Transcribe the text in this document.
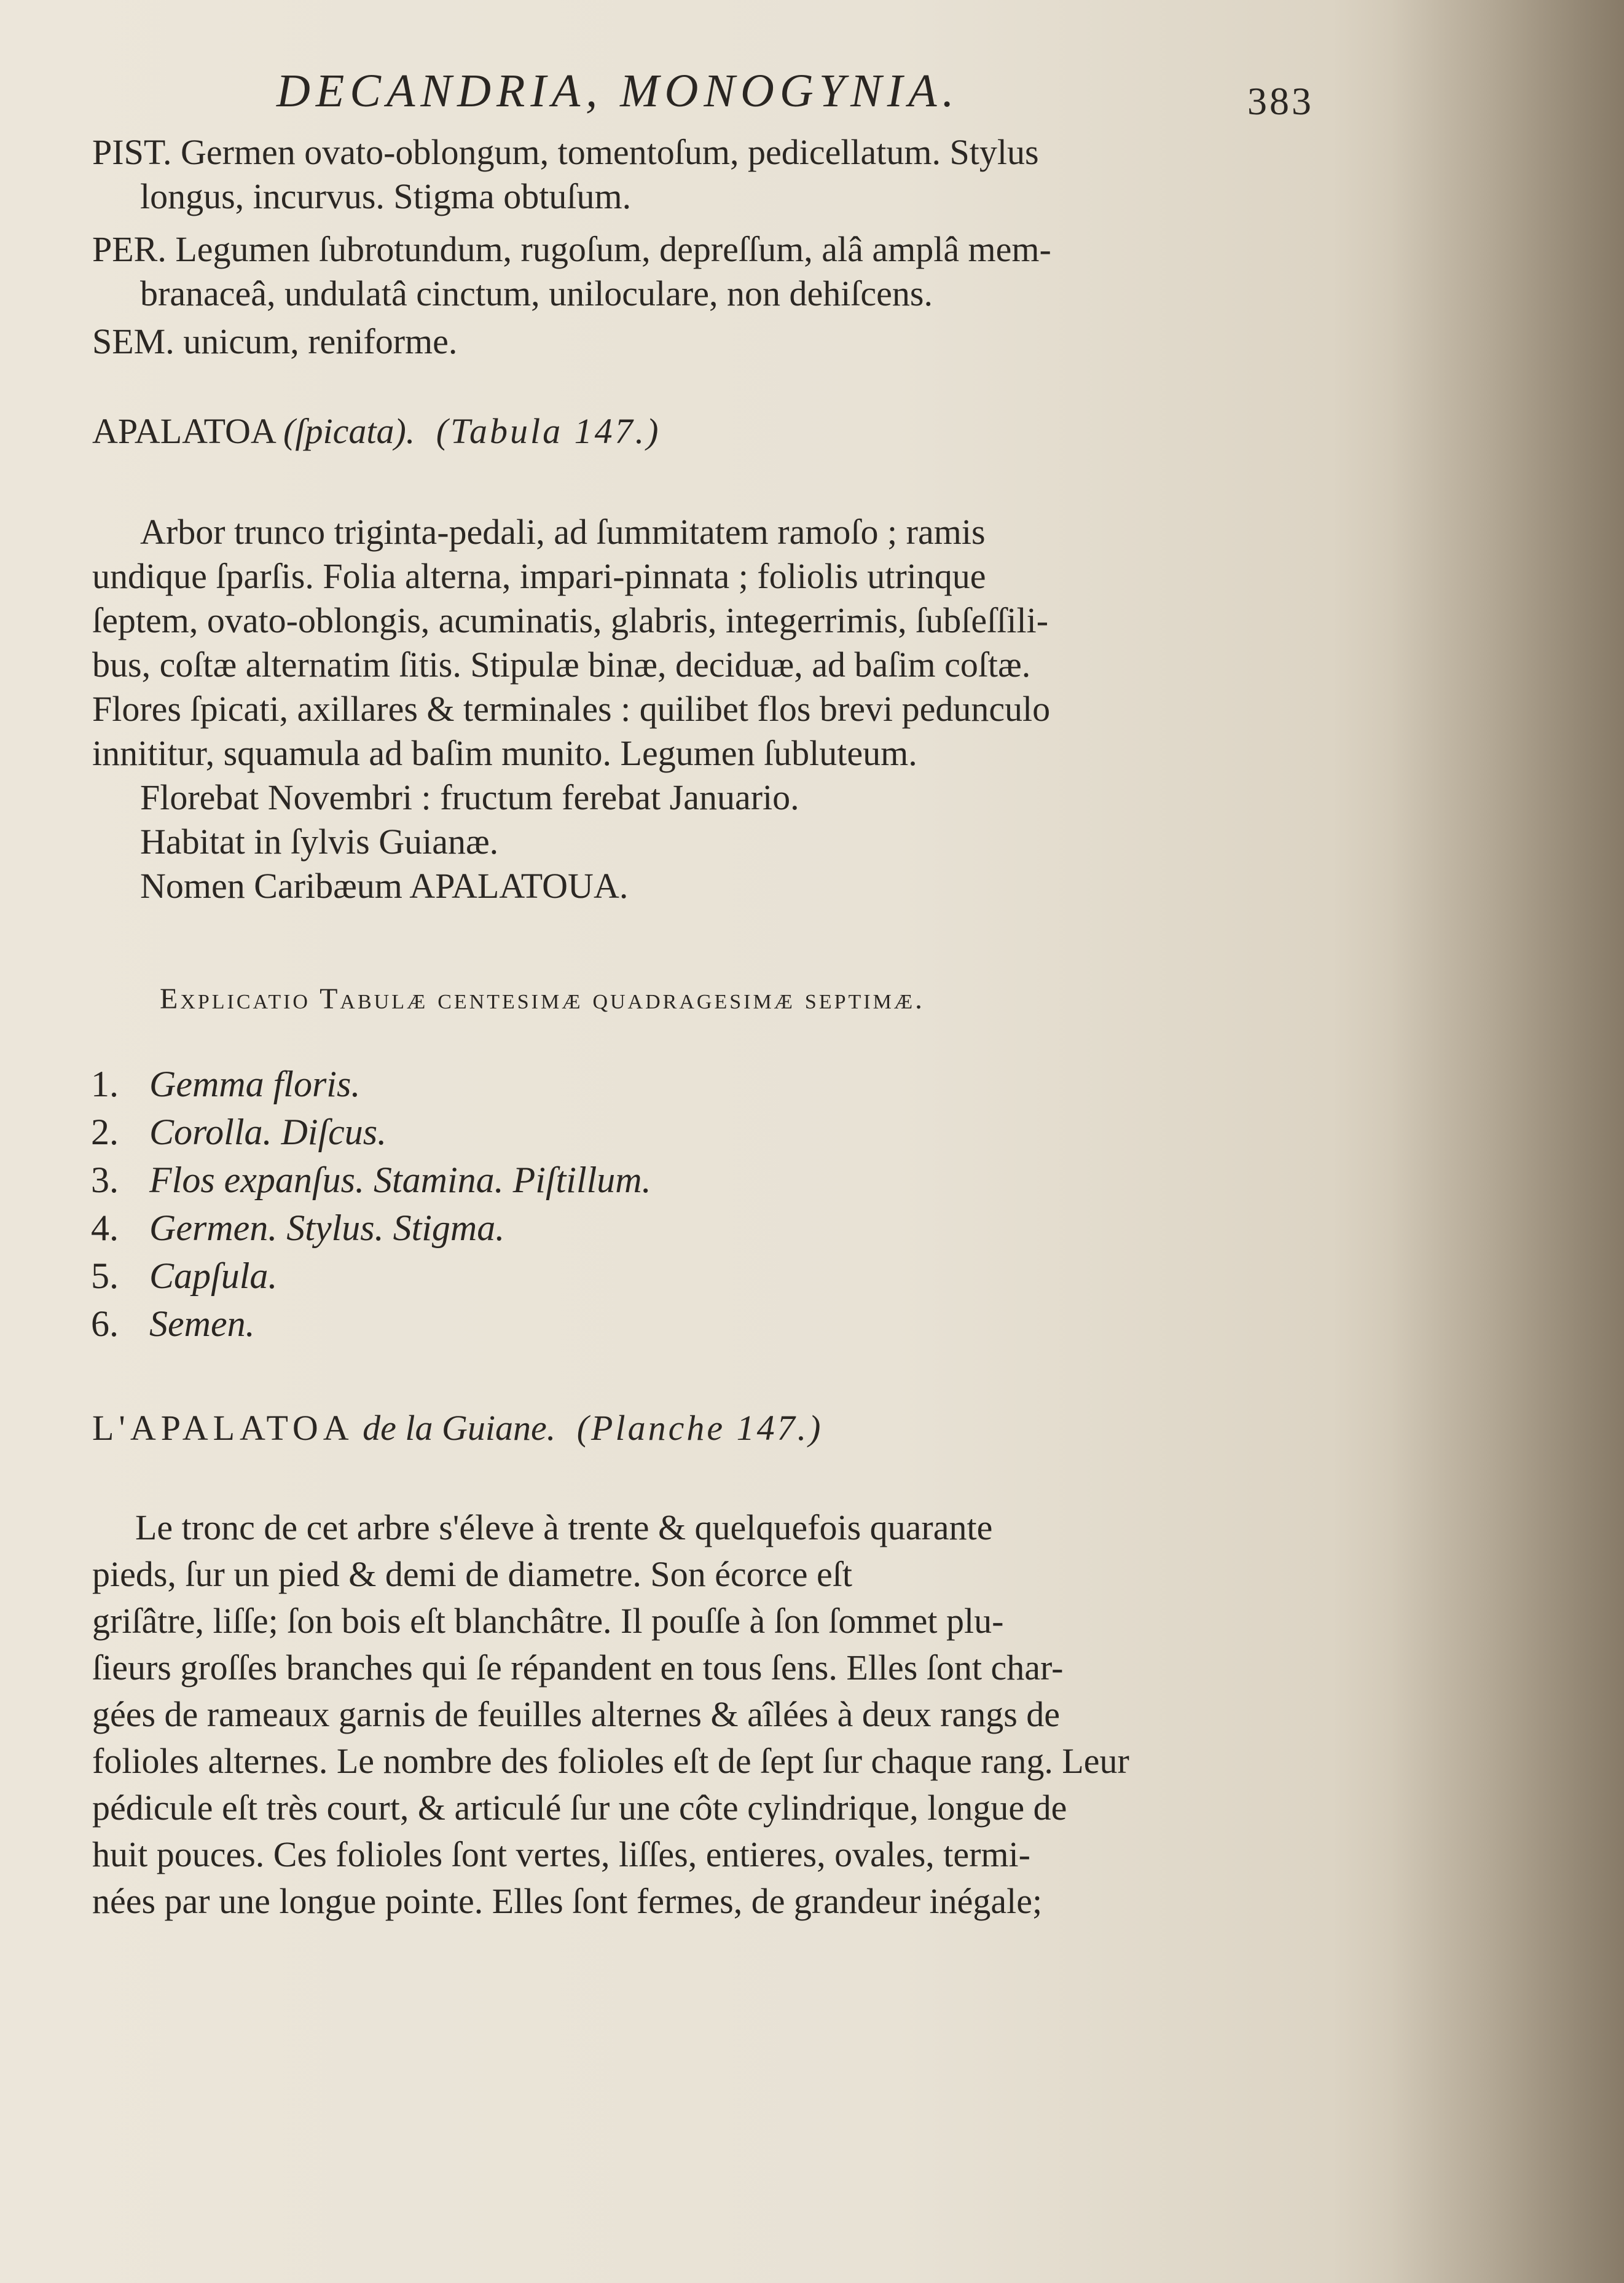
DECANDRIA, MONOGYNIA.	383
PIST. Germen ovato-oblongum, tomentoſum, pedicellatum. Stylus
longus, incurvus. Stigma obtuſum.
PER. Legumen ſubrotundum, rugoſum, depreſſum, alâ amplâ mem-
branaceâ, undulatâ cinctum, uniloculare, non dehiſcens.
SEM. unicum, reniforme.
APALATOA (ſpicata). (Tabula 147.)
Arbor trunco triginta-pedali, ad ſummitatem ramoſo ; ramis
undique ſparſis. Folia alterna, impari-pinnata ; foliolis utrinque
ſeptem, ovato-oblongis, acuminatis, glabris, integerrimis, ſubſeſſili-
bus, coſtæ alternatim ſitis. Stipulæ binæ, deciduæ, ad baſim coſtæ.
Flores ſpicati, axillares & terminales : quilibet flos brevi pedunculo
innititur, squamula ad baſim munito. Legumen ſubluteum.
Florebat Novembri : fructum ferebat Januario.
Habitat in ſylvis Guianæ.
Nomen Caribæum APALATOUA.
Explicatio Tabulæ centesimæ quadragesimæ septimæ.
1. Gemma floris.
2. Corolla. Diſcus.
3. Flos expanſus. Stamina. Piſtillum.
4. Germen. Stylus. Stigma.
5. Capſula.
6. Semen.
L'APALATOA de la Guiane. (Planche 147.)
Le tronc de cet arbre s'éleve à trente & quelquefois quarante
pieds, ſur un pied & demi de diametre. Son écorce eſt
griſâtre, liſſe; ſon bois eſt blanchâtre. Il pouſſe à ſon ſommet plu-
ſieurs groſſes branches qui ſe répandent en tous ſens. Elles ſont char-
gées de rameaux garnis de feuilles alternes & aîlées à deux rangs de
folioles alternes. Le nombre des folioles eſt de ſept ſur chaque rang. Leur
pédicule eſt très court, & articulé ſur une côte cylindrique, longue de
huit pouces. Ces folioles ſont vertes, liſſes, entieres, ovales, termi-
nées par une longue pointe. Elles ſont fermes, de grandeur inégale;
